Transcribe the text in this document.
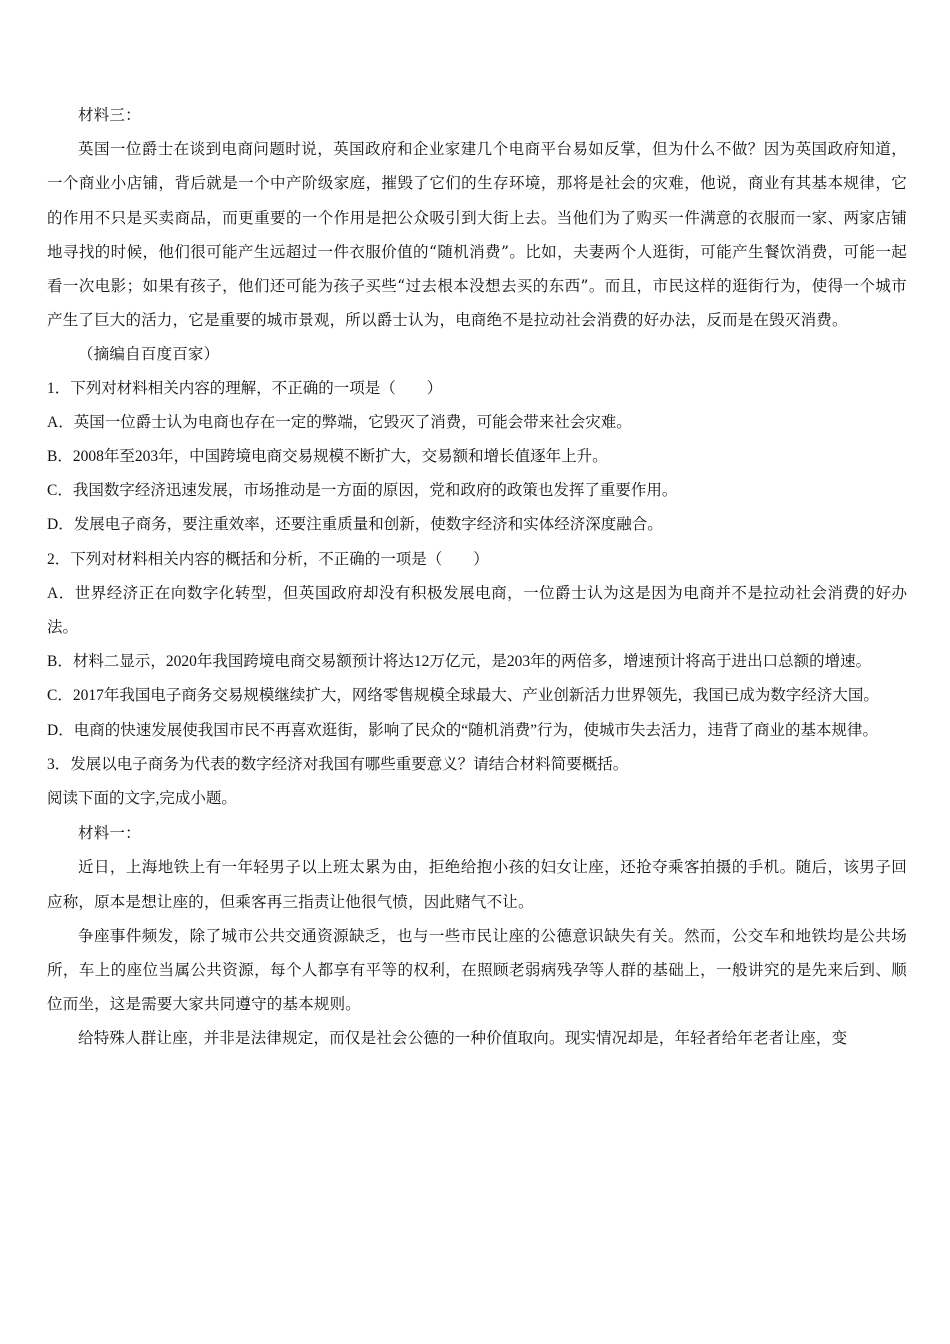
材料三：

英国一位爵士在谈到电商问题时说，英国政府和企业家建几个电商平台易如反掌，但为什么不做？因为英国政府知道，一个商业小店铺，背后就是一个中产阶级家庭，摧毁了它们的生存环境，那将是社会的灾难，他说，商业有其基本规律，它的作用不只是买卖商品，而更重要的一个作用是把公众吸引到大街上去。当他们为了购买一件满意的衣服而一家、两家店铺地寻找的时候，他们很可能产生远超过一件衣服价值的“随机消费”。比如，夫妻两个人逛街，可能产生餐饮消费，可能一起看一次电影；如果有孩子，他们还可能为孩子买些“过去根本没想去买的东西”。而且，市民这样的逛街行为，使得一个城市产生了巨大的活力，它是重要的城市景观，所以爵士认为，电商绝不是拉动社会消费的好办法，反而是在毁灭消费。

（摘编自百度百家）

1．下列对材料相关内容的理解，不正确的一项是（　　）

A．英国一位爵士认为电商也存在一定的弊端，它毁灭了消费，可能会带来社会灾难。

B．2008年至203年，中国跨境电商交易规模不断扩大，交易额和增长值逐年上升。

C．我国数字经济迅速发展，市场推动是一方面的原因，党和政府的政策也发挥了重要作用。

D．发展电子商务，要注重效率，还要注重质量和创新，使数字经济和实体经济深度融合。

2．下列对材料相关内容的概括和分析，不正确的一项是（　　）

A．世界经济正在向数字化转型，但英国政府却没有积极发展电商，一位爵士认为这是因为电商并不是拉动社会消费的好办法。

B．材料二显示，2020年我国跨境电商交易额预计将达12万亿元，是203年的两倍多，增速预计将高于进出口总额的增速。

C．2017年我国电子商务交易规模继续扩大，网络零售规模全球最大、产业创新活力世界领先，我国已成为数字经济大国。

D．电商的快速发展使我国市民不再喜欢逛街，影响了民众的“随机消费”行为，使城市失去活力，违背了商业的基本规律。

3．发展以电子商务为代表的数字经济对我国有哪些重要意义？请结合材料简要概括。

阅读下面的文字,完成小题。

材料一：

近日，上海地铁上有一年轻男子以上班太累为由，拒绝给抱小孩的妇女让座，还抢夺乘客拍摄的手机。随后，该男子回应称，原本是想让座的，但乘客再三指责让他很气愤，因此赌气不让。

争座事件频发，除了城市公共交通资源缺乏，也与一些市民让座的公德意识缺失有关。然而，公交车和地铁均是公共场所，车上的座位当属公共资源，每个人都享有平等的权利，在照顾老弱病残孕等人群的基础上，一般讲究的是先来后到、顺位而坐，这是需要大家共同遵守的基本规则。

给特殊人群让座，并非是法律规定，而仅是社会公德的一种价值取向。现实情况却是，年轻者给年老者让座，变
